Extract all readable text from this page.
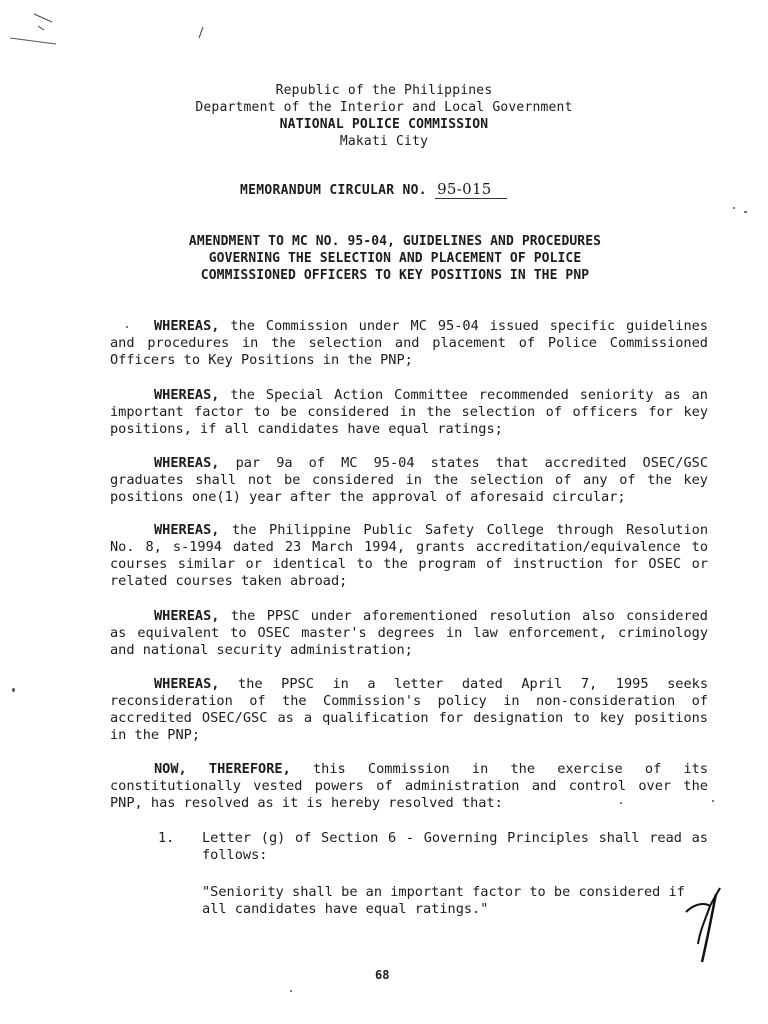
Republic of the Philippines
Department of the Interior and Local Government
NATIONAL POLICE COMMISSION
Makati City
MEMORANDUM CIRCULAR NO. 95-015
AMENDMENT TO MC NO. 95-04, GUIDELINES AND PROCEDURES
GOVERNING THE SELECTION AND PLACEMENT OF POLICE
COMMISSIONED OFFICERS TO KEY POSITIONS IN THE PNP
WHEREAS, the Commission under MC 95-04 issued specific guidelines and procedures in the selection and placement of Police Commissioned Officers to Key Positions in the PNP;
WHEREAS, the Special Action Committee recommended seniority as an important factor to be considered in the selection of officers for key positions, if all candidates have equal ratings;
WHEREAS, par 9a of MC 95-04 states that accredited OSEC/GSC graduates shall not be considered in the selection of any of the key positions one(1) year after the approval of aforesaid circular;
WHEREAS, the Philippine Public Safety College through Resolution No. 8, s-1994 dated 23 March 1994, grants accreditation/equivalence to courses similar or identical to the program of instruction for OSEC or related courses taken abroad;
WHEREAS, the PPSC under aforementioned resolution also considered as equivalent to OSEC master's degrees in law enforcement, criminology and national security administration;
WHEREAS, the PPSC in a letter dated April 7, 1995 seeks reconsideration of the Commission's policy in non-consideration of accredited OSEC/GSC as a qualification for designation to key positions in the PNP;
NOW, THEREFORE, this Commission in the exercise of its constitutionally vested powers of administration and control over the PNP, has resolved as it is hereby resolved that:
1. Letter (g) of Section 6 - Governing Principles shall read as follows:
"Seniority shall be an important factor to be considered if all candidates have equal ratings."
68
